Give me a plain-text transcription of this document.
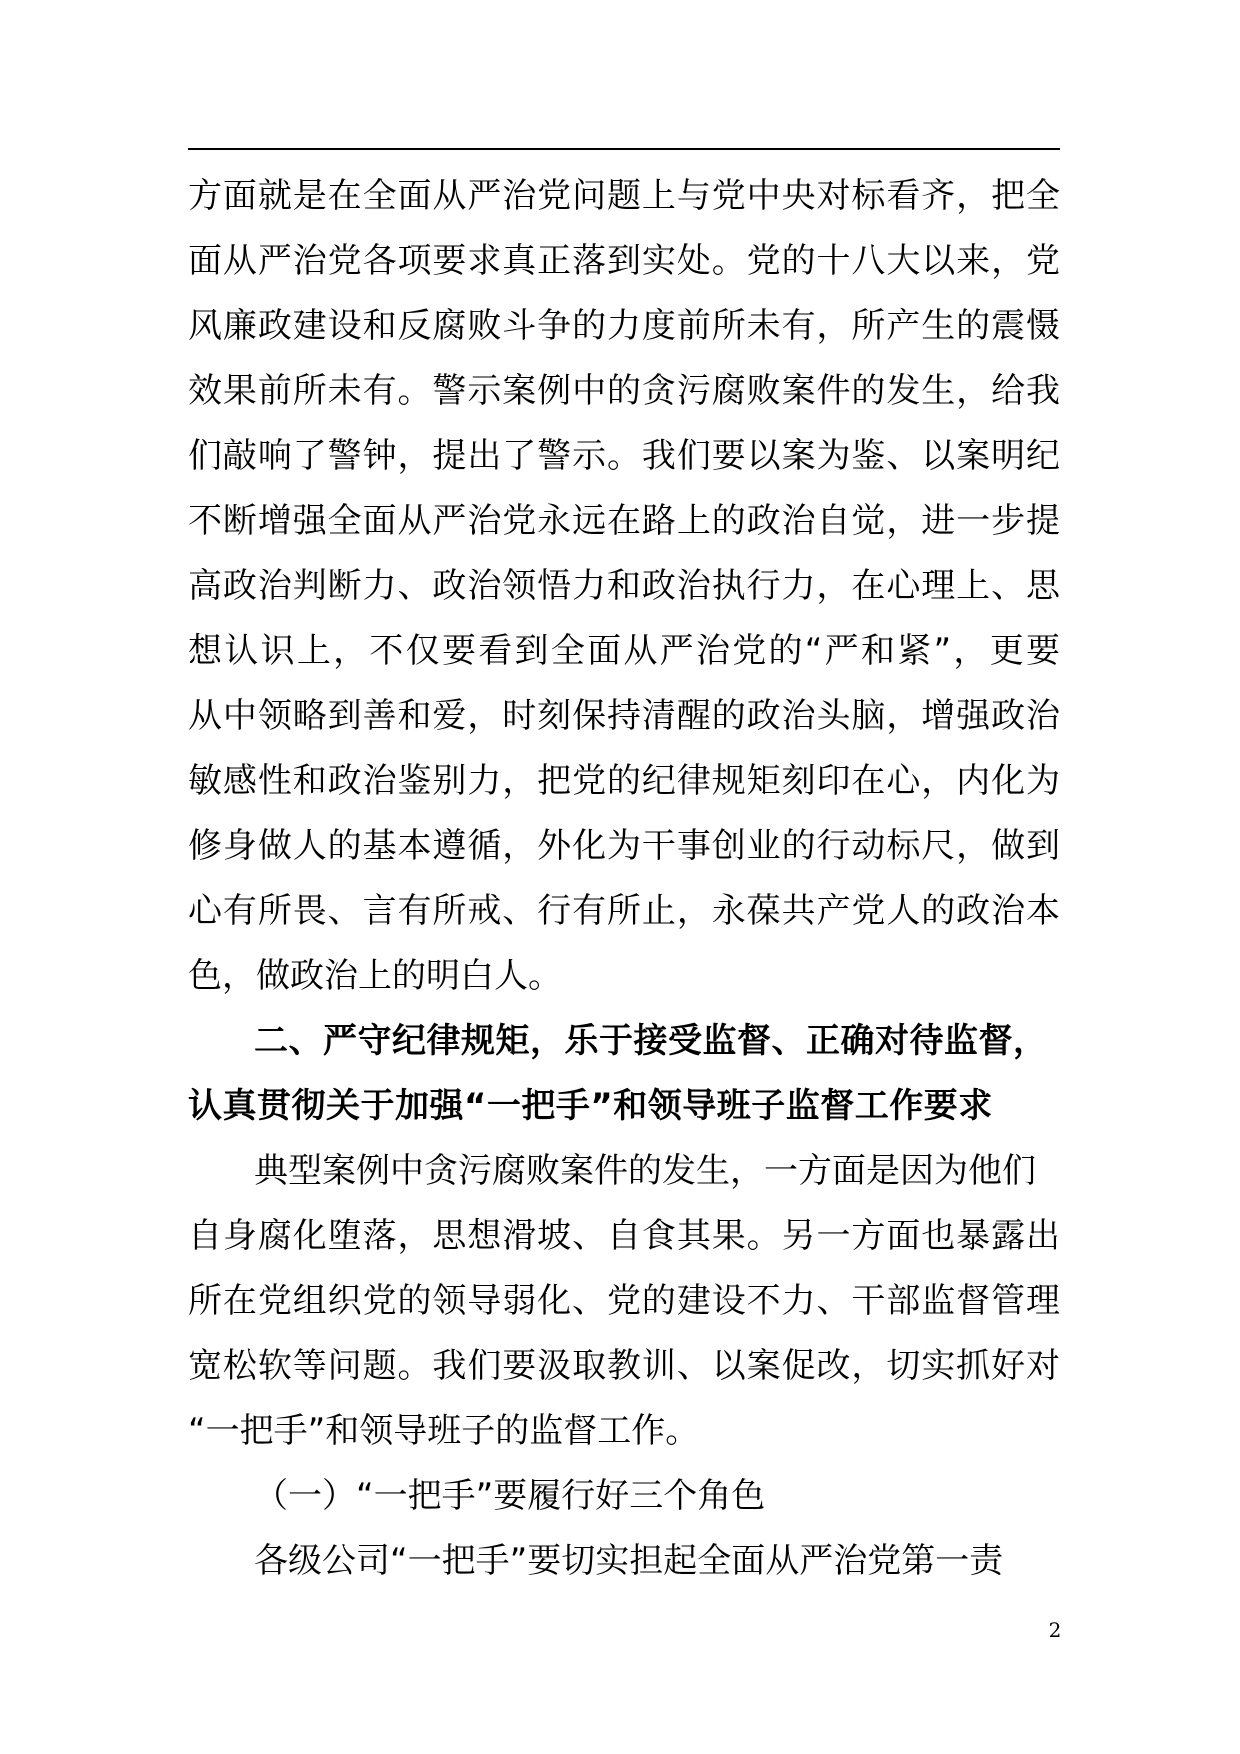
方面就是在全面从严治党问题上与党中央对标看齐，把全
面从严治党各项要求真正落到实处。党的十八大以来，党
风廉政建设和反腐败斗争的力度前所未有，所产生的震慑
效果前所未有。警示案例中的贪污腐败案件的发生，给我
们敲响了警钟，提出了警示。我们要以案为鉴、以案明纪
不断增强全面从严治党永远在路上的政治自觉，进一步提
高政治判断力、政治领悟力和政治执行力，在心理上、思
想认识上，不仅要看到全面从严治党的“严和紧”，更要
从中领略到善和爱，时刻保持清醒的政治头脑，增强政治
敏感性和政治鉴别力，把党的纪律规矩刻印在心，内化为
修身做人的基本遵循，外化为干事创业的行动标尺，做到
心有所畏、言有所戒、行有所止，永葆共产党人的政治本
色，做政治上的明白人。
二、严守纪律规矩，乐于接受监督、正确对待监督，
认真贯彻关于加强“一把手”和领导班子监督工作要求
典型案例中贪污腐败案件的发生，一方面是因为他们
自身腐化堕落，思想滑坡、自食其果。另一方面也暴露出
所在党组织党的领导弱化、党的建设不力、干部监督管理
宽松软等问题。我们要汲取教训、以案促改，切实抓好对
“一把手”和领导班子的监督工作。
（一）“一把手”要履行好三个角色
各级公司“一把手”要切实担起全面从严治党第一责
2
